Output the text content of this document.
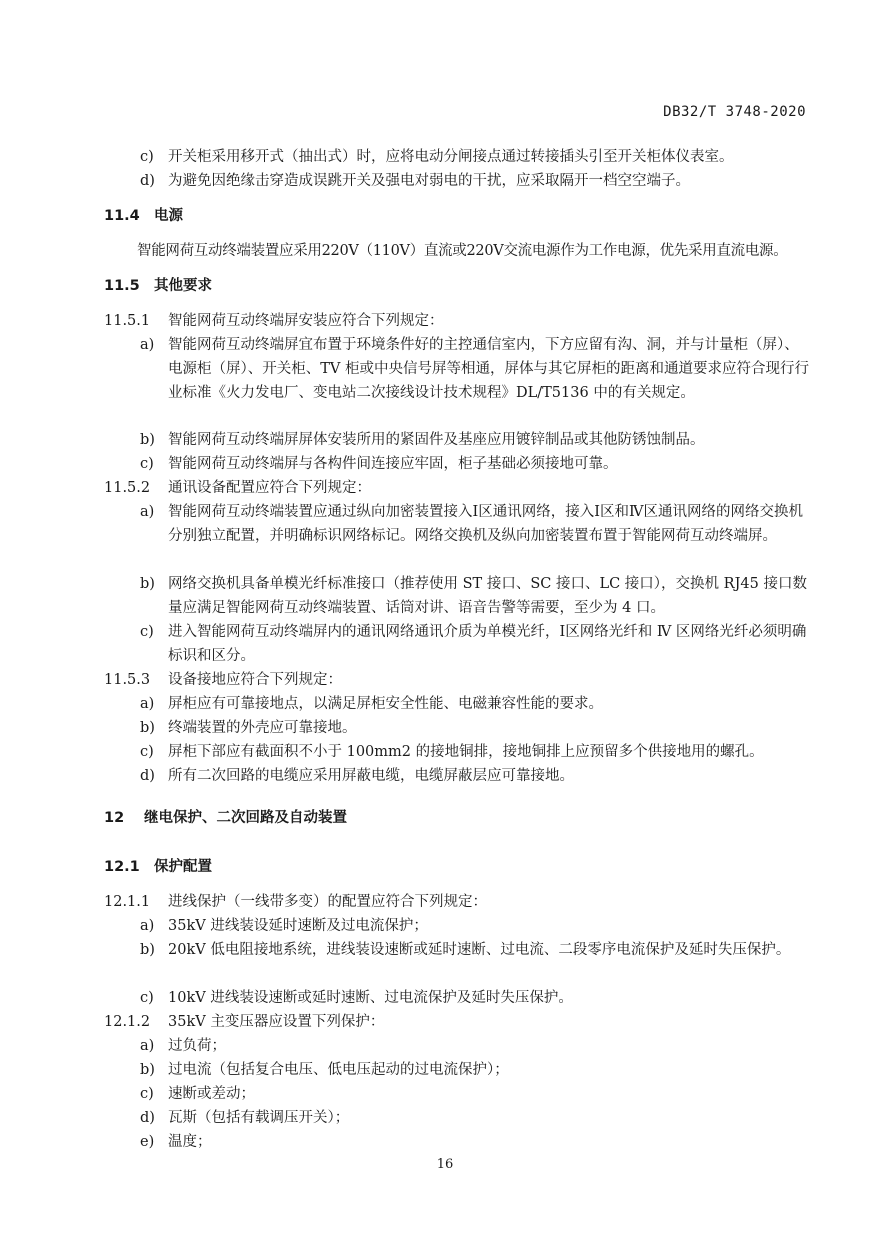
DB32/T 3748-2020
c) 开关柜采用移开式（抽出式）时，应将电动分闸接点通过转接插头引至开关柜体仪表室。
d) 为避免因绝缘击穿造成误跳开关及强电对弱电的干扰，应采取隔开一档空空端子。
11.4 电源
智能网荷互动终端装置应采用220V（110V）直流或220V交流电源作为工作电源，优先采用直流电源。
11.5 其他要求
11.5.1 智能网荷互动终端屏安装应符合下列规定：
a) 智能网荷互动终端屏宜布置于环境条件好的主控通信室内，下方应留有沟、洞，并与计量柜（屏）、电源柜（屏）、开关柜、TV 柜或中央信号屏等相通，屏体与其它屏柜的距离和通道要求应符合现行行业标准《火力发电厂、变电站二次接线设计技术规程》DL/T5136 中的有关规定。
b) 智能网荷互动终端屏屏体安装所用的紧固件及基座应用镀锌制品或其他防锈蚀制品。
c) 智能网荷互动终端屏与各构件间连接应牢固，柜子基础必须接地可靠。
11.5.2 通讯设备配置应符合下列规定：
a) 智能网荷互动终端装置应通过纵向加密装置接入Ⅰ区通讯网络，接入Ⅰ区和Ⅳ区通讯网络的网络交换机分别独立配置，并明确标识网络标记。网络交换机及纵向加密装置布置于智能网荷互动终端屏。
b) 网络交换机具备单模光纤标准接口（推荐使用 ST 接口、SC 接口、LC 接口），交换机 RJ45 接口数量应满足智能网荷互动终端装置、话筒对讲、语音告警等需要，至少为 4 口。
c) 进入智能网荷互动终端屏内的通讯网络通讯介质为单模光纤，Ⅰ区网络光纤和 Ⅳ 区网络光纤必须明确标识和区分。
11.5.3 设备接地应符合下列规定：
a) 屏柜应有可靠接地点，以满足屏柜安全性能、电磁兼容性能的要求。
b) 终端装置的外壳应可靠接地。
c) 屏柜下部应有截面积不小于 100mm2 的接地铜排，接地铜排上应预留多个供接地用的螺孔。
d) 所有二次回路的电缆应采用屏蔽电缆，电缆屏蔽层应可靠接地。
12 继电保护、二次回路及自动装置
12.1 保护配置
12.1.1 进线保护（一线带多变）的配置应符合下列规定：
a) 35kV 进线装设延时速断及过电流保护；
b) 20kV 低电阻接地系统，进线装设速断或延时速断、过电流、二段零序电流保护及延时失压保护。
c) 10kV 进线装设速断或延时速断、过电流保护及延时失压保护。
12.1.2 35kV 主变压器应设置下列保护：
a) 过负荷；
b) 过电流（包括复合电压、低电压起动的过电流保护）；
c) 速断或差动；
d) 瓦斯（包括有载调压开关）；
e) 温度；
16
